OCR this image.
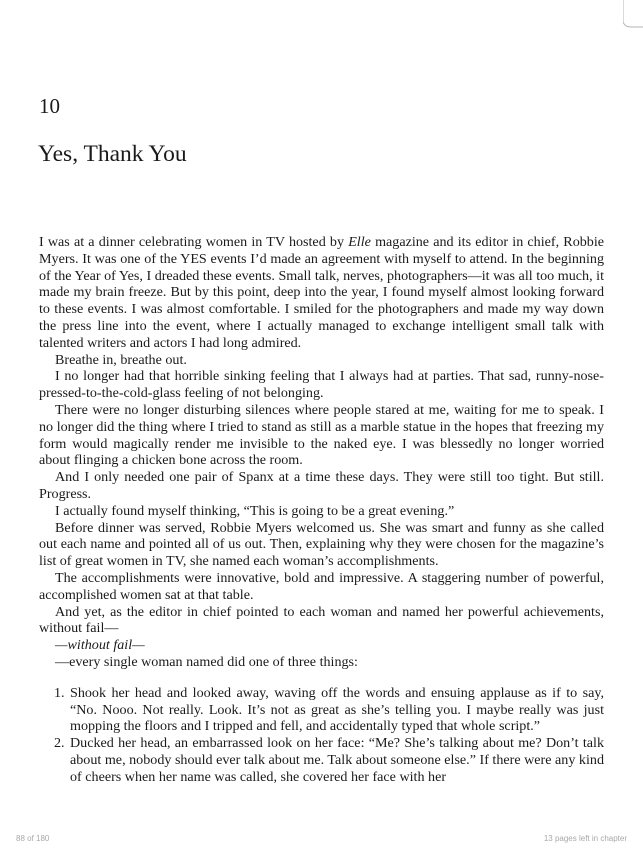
10
Yes, Thank You

I was at a dinner celebrating women in TV hosted by Elle magazine and its editor in chief, Robbie Myers. It was one of the YES events I’d made an agreement with myself to attend. In the beginning of the Year of Yes, I dreaded these events. Small talk, nerves, photographers—it was all too much, it made my brain freeze. But by this point, deep into the year, I found myself almost looking forward to these events. I was almost comfortable. I smiled for the photographers and made my way down the press line into the event, where I actually managed to exchange intelligent small talk with talented writers and actors I had long admired.

Breathe in, breathe out.

I no longer had that horrible sinking feeling that I always had at parties. That sad, runny-nose-pressed-to-the-cold-glass feeling of not belonging.

There were no longer disturbing silences where people stared at me, waiting for me to speak. I no longer did the thing where I tried to stand as still as a marble statue in the hopes that freezing my form would magically render me invisible to the naked eye. I was blessedly no longer worried about flinging a chicken bone across the room.

And I only needed one pair of Spanx at a time these days. They were still too tight. But still. Progress.

I actually found myself thinking, “This is going to be a great evening.”

Before dinner was served, Robbie Myers welcomed us. She was smart and funny as she called out each name and pointed all of us out. Then, explaining why they were chosen for the magazine’s list of great women in TV, she named each woman’s accomplishments.

The accomplishments were innovative, bold and impressive. A staggering number of powerful, accomplished women sat at that table.

And yet, as the editor in chief pointed to each woman and named her powerful achievements, without fail—

—without fail—

—every single woman named did one of three things:

1. Shook her head and looked away, waving off the words and ensuing applause as if to say, “No. Nooo. Not really. Look. It’s not as great as she’s telling you. I maybe really was just mopping the floors and I tripped and fell, and accidentally typed that whole script.”
2. Ducked her head, an embarrassed look on her face: “Me? She’s talking about me? Don’t talk about me, nobody should ever talk about me. Talk about someone else.” If there were any kind of cheers when her name was called, she covered her face with her
88 of 180	13 pages left in chapter
